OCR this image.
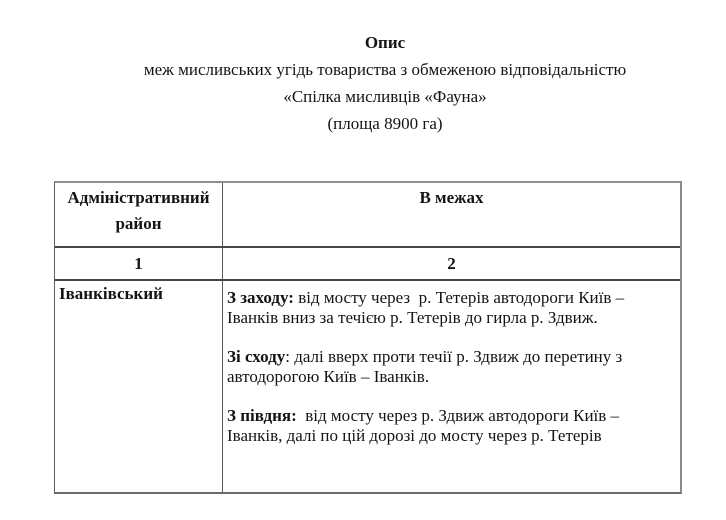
Опис
меж мисливських угідь товариства з обмеженою відповідальністю
«Спілка мисливців «Фауна»
(площа 8900 га)
Адміністративний район	В межах
1	2
Іванківський	З заходу: від мосту через  р. Тетерів автодороги Київ – Іванків вниз за течією р. Тетерів до гирла р. Здвиж.

Зі сходу: далі вверх проти течії р. Здвиж до перетину з автодорогою Київ – Іванків.

З півдня:  від мосту через р. Здвиж автодороги Київ – Іванків, далі по цій дорозі до мосту через р. Тетерів
